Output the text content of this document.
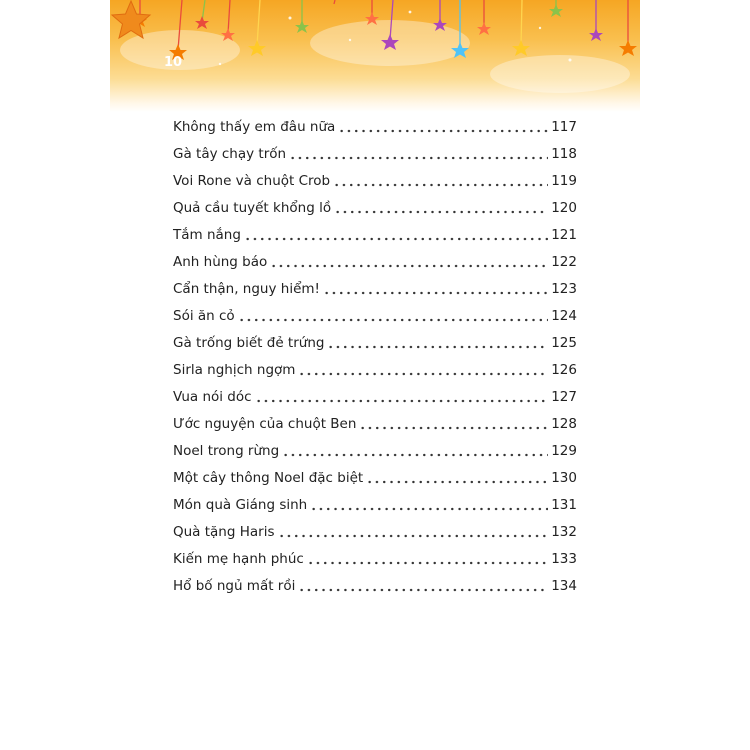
10
Không thấy em đâu nữa	117
Gà tây chạy trốn	118
Voi Rone và chuột Crob	119
Quả cầu tuyết khổng lồ	120
Tắm nắng	121
Anh hùng báo	122
Cẩn thận, nguy hiểm!	123
Sói ăn cỏ	124
Gà trống biết đẻ trứng	125
Sirla nghịch ngợm	126
Vua nói dóc	127
Ước nguyện của chuột Ben	128
Noel trong rừng	129
Một cây thông Noel đặc biệt	130
Món quà Giáng sinh	131
Quà tặng Haris	132
Kiến mẹ hạnh phúc	133
Hổ bố ngủ mất rồi	134
